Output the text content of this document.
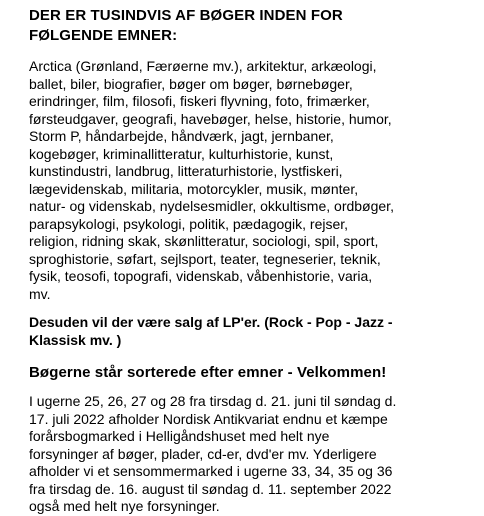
DER ER TUSINDVIS AF BØGER INDEN FOR
FØLGENDE EMNER:

Arctica (Grønland, Færøerne mv.), arkitektur, arkæologi,
ballet, biler, biografier, bøger om bøger, børnebøger,
erindringer, film, filosofi, fiskeri flyvning, foto, frimærker,
førsteudgaver, geografi, havebøger, helse, historie, humor,
Storm P, håndarbejde, håndværk, jagt, jernbaner,
kogebøger, kriminallitteratur, kulturhistorie, kunst,
kunstindustri, landbrug, litteraturhistorie, lystfiskeri,
lægevidenskab, militaria, motorcykler, musik, mønter,
natur- og videnskab, nydelsesmidler, okkultisme, ordbøger,
parapsykologi, psykologi, politik, pædagogik, rejser,
religion, ridning skak, skønlitteratur, sociologi, spil, sport,
sproghistorie, søfart, sejlsport, teater, tegneserier, teknik,
fysik, teosofi, topografi, videnskab, våbenhistorie, varia,
mv.

Desuden vil der være salg af LP'er. (Rock - Pop - Jazz -
Klassisk mv. )

Bøgerne står sorterede efter emner - Velkommen!

I ugerne 25, 26, 27 og 28 fra tirsdag d. 21. juni til søndag d.
17. juli 2022 afholder Nordisk Antikvariat endnu et kæmpe
forårsbogmarked i Helligåndshuset med helt nye
forsyninger af bøger, plader, cd-er, dvd'er mv. Yderligere
afholder vi et sensommermarked i ugerne 33, 34, 35 og 36
fra tirsdag de. 16. august til søndag d. 11. september 2022
også med helt nye forsyninger.
